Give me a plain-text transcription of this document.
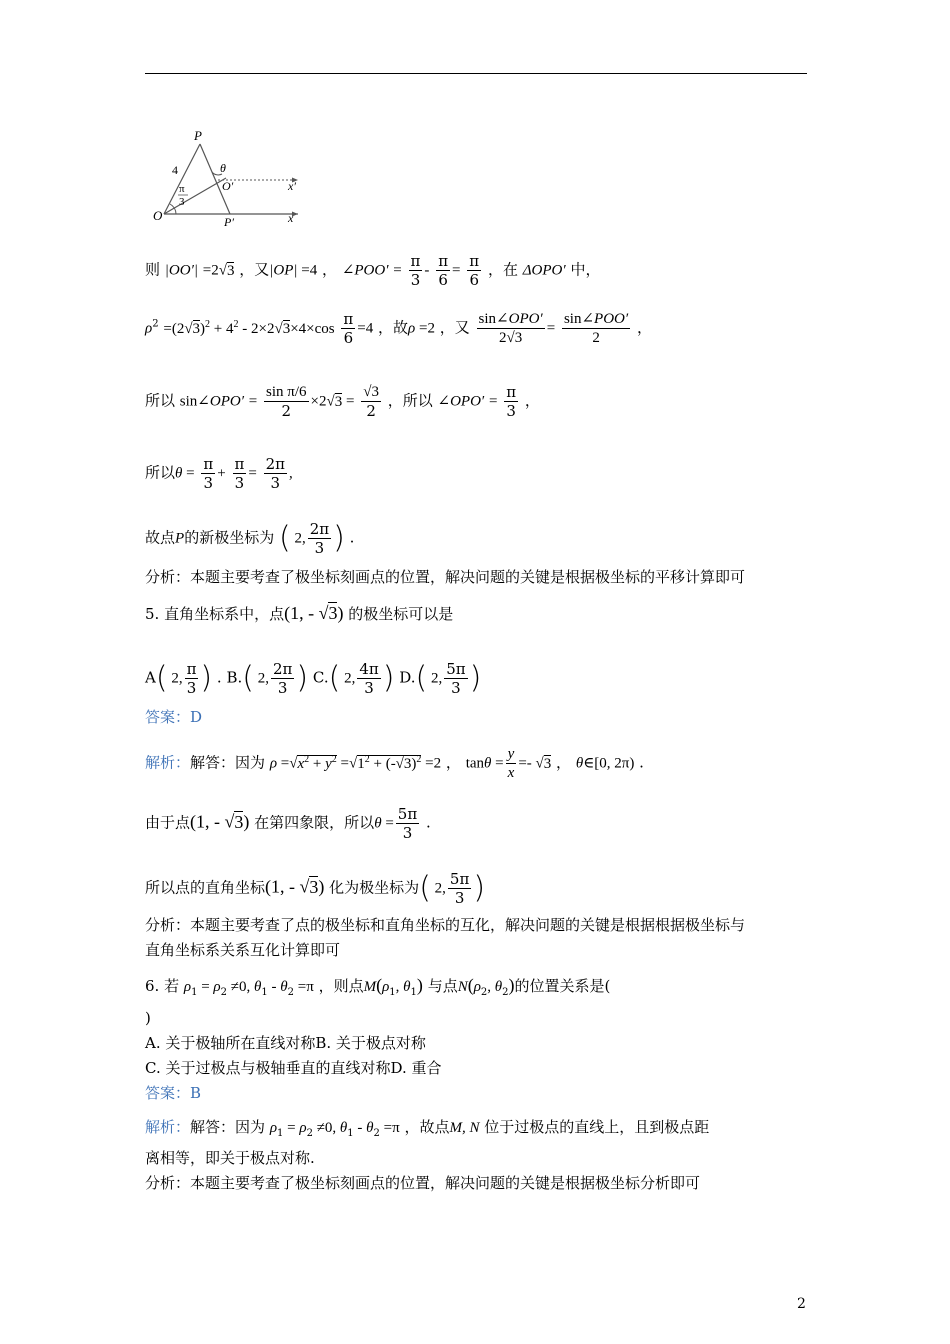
P
4	θ
π
3
O′	x′
O	P′	x
则 |OO′| =2√3 ，又|OP| =4 ， ∠POO′ = $\frac{\pi}{3} - \frac{\pi}{6} = \frac{\pi}{6}$ ，在 ΔOPO′ 中，
$\rho^2 =(2√3)^2 + 4^2 - 2\times 2√3\times 4\times\cos \frac{\pi}{6} =4$ ，故ρ =2 ，又 $\frac{\text{sin∠OPO′}}{2√3} = \frac{\text{sin∠POO′}}{2}$ ，
所以 sin∠OPO′ = $\frac{\text{sin π/6}}{2} \times 2√3 = \frac{√3}{2}$ ，所以 ∠OPO′ = $\frac{\pi}{3}$ ，
所以$\theta = \frac{\pi}{3} + \frac{\pi}{3} = \frac{2\pi}{3}$ ,
故点P的新极坐标为 ( 2, $\frac{2\pi}{3}$ ) .
分析：本题主要考查了极坐标刻画点的位置，解决问题的关键是根据极坐标的平移计算即可
5. 直角坐标系中，点(1, - √3) 的极坐标可以是
A( 2, $\frac{\pi}{3}$ ) . B.( 2, $\frac{2\pi}{3}$ ) C.( 2, $\frac{4\pi}{3}$ ) D.( 2, $\frac{5\pi}{3}$ )
答案：D
解析：解答：因为 $\rho =√x^2 + y^2 =√1^2 + (-√3)^2 =2$ ， $\tan\theta = \frac{y}{x} =- √3$ ， θ∈[0, 2π) .
由于点(1, - √3) 在第四象限，所以$\theta = \frac{5\pi}{3}$ .
所以点的直角坐标(1, - √3) 化为极坐标为( 2, $\frac{5\pi}{3}$ )
分析：本题主要考查了点的极坐标和直角坐标的互化，解决问题的关键是根据根据极坐标与
直角坐标系关系互化计算即可
6. 若 $\rho_1 = \rho_2 \ne 0$, $\theta_1 - \theta_2 =\pi$ ，则点$M(\rho_1$, $\theta_1$) 与点$N(\rho_2$, $\theta_2$)的位置关系是(
)
A. 关于极轴所在直线对称B. 关于极点对称
C. 关于过极点与极轴垂直的直线对称D. 重合
答案：B
解析：解答：因为 $\rho_1 = \rho_2 \ne 0$, $\theta_1 - \theta_2 =\pi$ ，故点M, N 位于过极点的直线上，且到极点距
离相等，即关于极点对称.
分析：本题主要考查了极坐标刻画点的位置，解决问题的关键是根据极坐标分析即可
2
